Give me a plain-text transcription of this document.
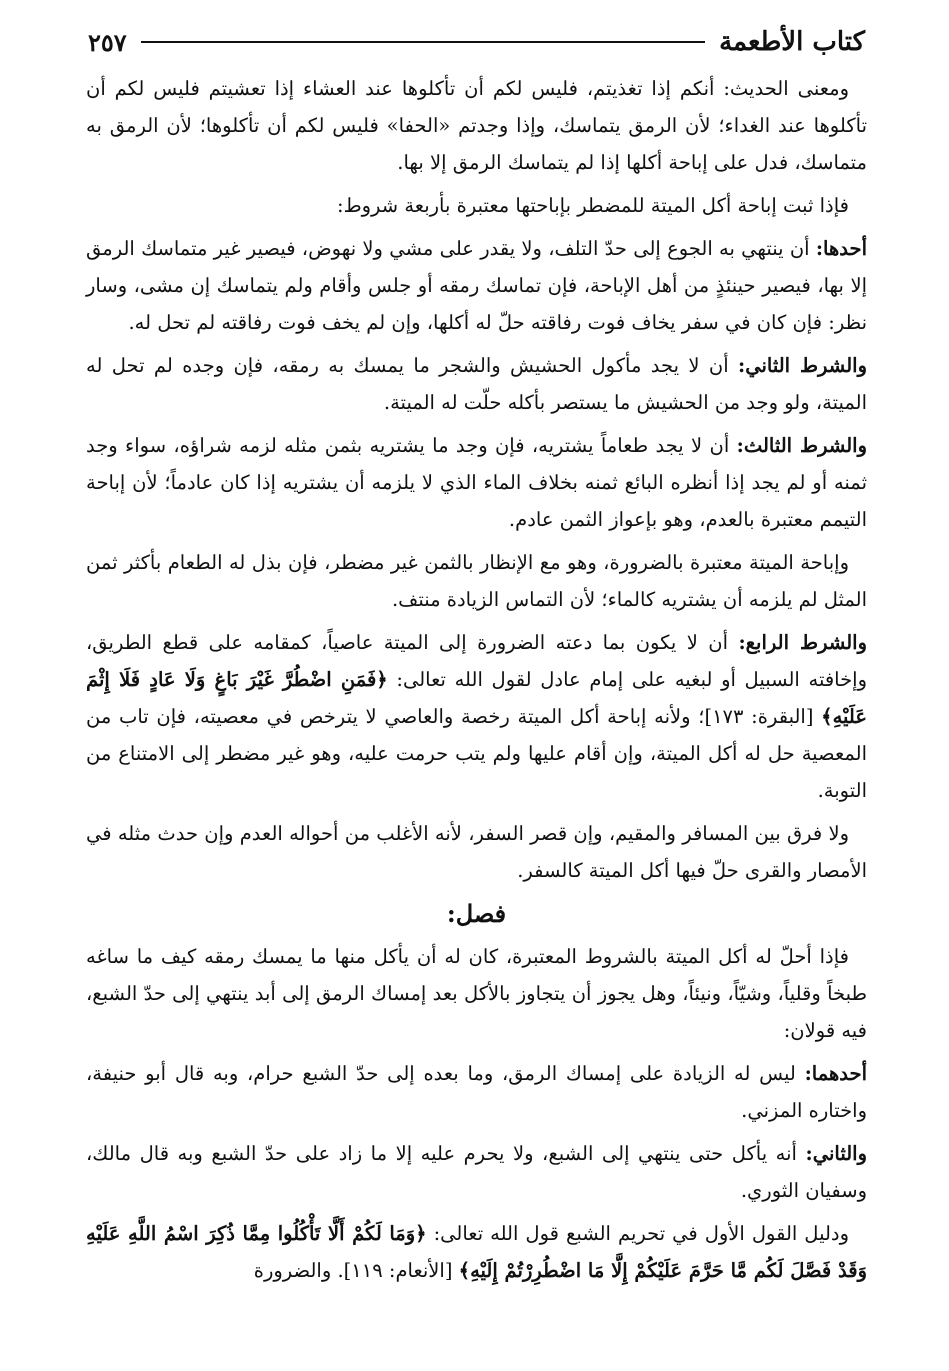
كتاب الأطعمة
٢٥٧

ومعنى الحديث: أنكم إذا تغذيتم، فليس لكم أن تأكلوها عند العشاء إذا تعشيتم فليس لكم أن تأكلوها عند الغداء؛ لأن الرمق يتماسك، وإذا وجدتم «الحفا» فليس لكم أن تأكلوها؛ لأن الرمق به متماسك، فدل على إباحة أكلها إذا لم يتماسك الرمق إلا بها.

فإذا ثبت إباحة أكل الميتة للمضطر بإباحتها معتبرة بأربعة شروط:

أحدها: أن ينتهي به الجوع إلى حدّ التلف، ولا يقدر على مشي ولا نهوض، فيصير غير متماسك الرمق إلا بها، فيصير حينئذٍ من أهل الإباحة، فإن تماسك رمقه أو جلس وأقام ولم يتماسك إن مشى، وسار نظر: فإن كان في سفر يخاف فوت رفاقته حلّ له أكلها، وإن لم يخف فوت رفاقته لم تحل له.

والشرط الثاني: أن لا يجد مأكول الحشيش والشجر ما يمسك به رمقه، فإن وجده لم تحل له الميتة، ولو وجد من الحشيش ما يستصر بأكله حلّت له الميتة.

والشرط الثالث: أن لا يجد طعاماً يشتريه، فإن وجد ما يشتريه بثمن مثله لزمه شراؤه، سواء وجد ثمنه أو لم يجد إذا أنظره البائع ثمنه بخلاف الماء الذي لا يلزمه أن يشتريه إذا كان عادماً؛ لأن إباحة التيمم معتبرة بالعدم، وهو بإعواز الثمن عادم.

وإباحة الميتة معتبرة بالضرورة، وهو مع الإنظار بالثمن غير مضطر، فإن بذل له الطعام بأكثر ثمن المثل لم يلزمه أن يشتريه كالماء؛ لأن التماس الزيادة منتف.

والشرط الرابع: أن لا يكون بما دعته الضرورة إلى الميتة عاصياً، كمقامه على قطع الطريق، وإخافته السبيل أو لبغيه على إمام عادل لقول الله تعالى: ﴿فَمَنِ اضْطُرَّ غَيْرَ بَاغٍ وَلَا عَادٍ فَلَا إِثْمَ عَلَيْهِ﴾ [البقرة: ١٧٣]؛ ولأنه إباحة أكل الميتة رخصة والعاصي لا يترخص في معصيته، فإن تاب من المعصية حل له أكل الميتة، وإن أقام عليها ولم يتب حرمت عليه، وهو غير مضطر إلى الامتناع من التوبة.

ولا فرق بين المسافر والمقيم، وإن قصر السفر، لأنه الأغلب من أحواله العدم وإن حدث مثله في الأمصار والقرى حلّ فيها أكل الميتة كالسفر.

فصل:

فإذا أحلّ له أكل الميتة بالشروط المعتبرة، كان له أن يأكل منها ما يمسك رمقه كيف ما ساغه طبخاً وقلياً، وشيّاً، ونيئاً، وهل يجوز أن يتجاوز بالأكل بعد إمساك الرمق إلى أبد ينتهي إلى حدّ الشبع، فيه قولان:

أحدهما: ليس له الزيادة على إمساك الرمق، وما بعده إلى حدّ الشبع حرام، وبه قال أبو حنيفة، واختاره المزني.

والثاني: أنه يأكل حتى ينتهي إلى الشبع، ولا يحرم عليه إلا ما زاد على حدّ الشبع وبه قال مالك، وسفيان الثوري.

ودليل القول الأول في تحريم الشبع قول الله تعالى: ﴿وَمَا لَكُمْ أَلَّا تَأْكُلُوا مِمَّا ذُكِرَ اسْمُ اللَّهِ عَلَيْهِ وَقَدْ فَصَّلَ لَكُم مَّا حَرَّمَ عَلَيْكُمْ إِلَّا مَا اضْطُرِرْتُمْ إِلَيْهِ﴾ [الأنعام: ١١٩]. والضرورة
